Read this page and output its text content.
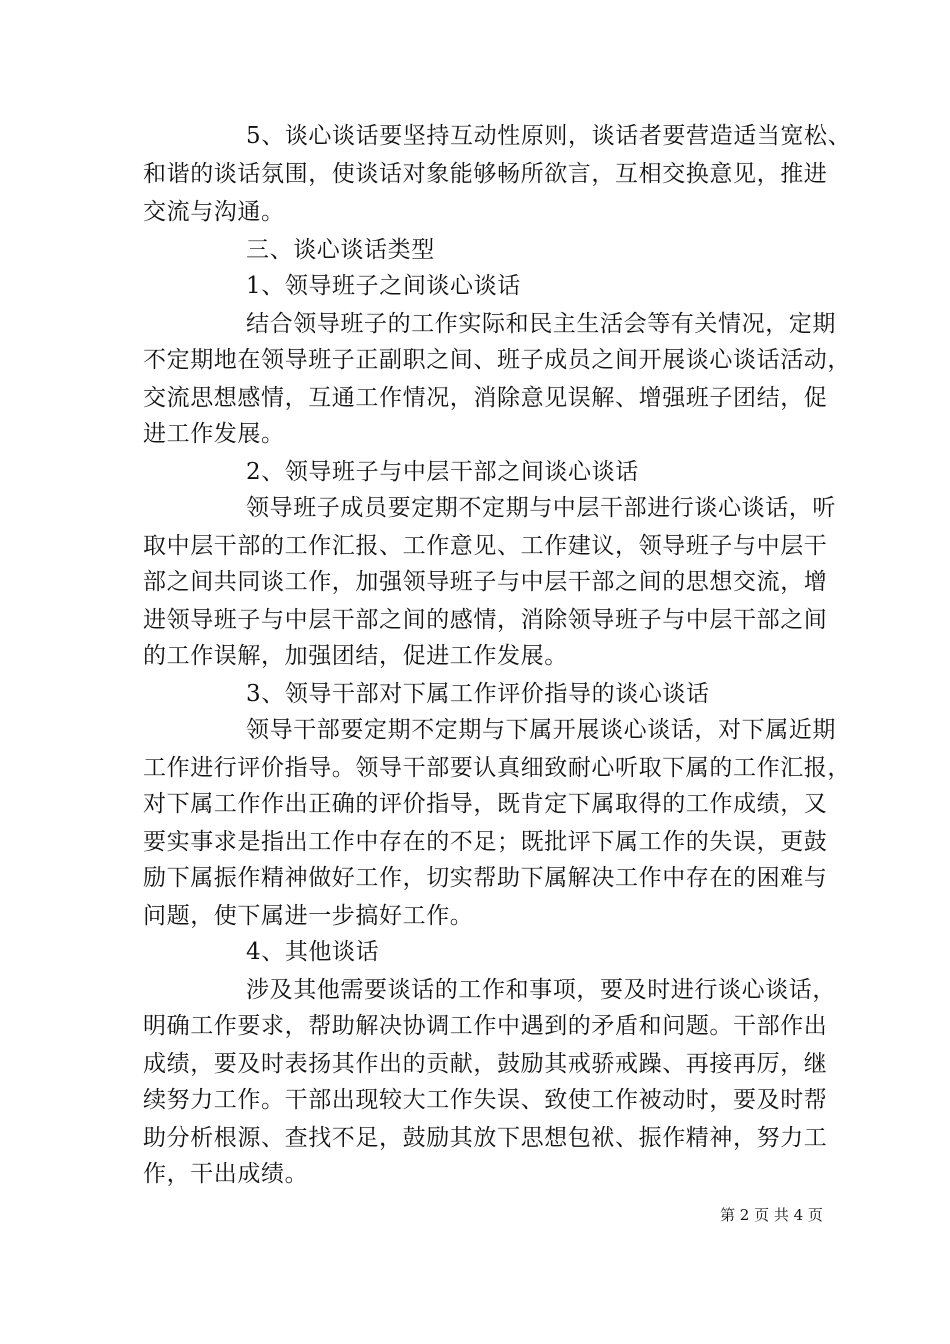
5、谈心谈话要坚持互动性原则，谈话者要营造适当宽松、
和谐的谈话氛围，使谈话对象能够畅所欲言，互相交换意见，推进
交流与沟通。
三、谈心谈话类型
1、领导班子之间谈心谈话
结合领导班子的工作实际和民主生活会等有关情况，定期
不定期地在领导班子正副职之间、班子成员之间开展谈心谈话活动，
交流思想感情，互通工作情况，消除意见误解、增强班子团结，促
进工作发展。
2、领导班子与中层干部之间谈心谈话
领导班子成员要定期不定期与中层干部进行谈心谈话，听
取中层干部的工作汇报、工作意见、工作建议，领导班子与中层干
部之间共同谈工作，加强领导班子与中层干部之间的思想交流，增
进领导班子与中层干部之间的感情，消除领导班子与中层干部之间
的工作误解，加强团结，促进工作发展。
3、领导干部对下属工作评价指导的谈心谈话
领导干部要定期不定期与下属开展谈心谈话，对下属近期
工作进行评价指导。领导干部要认真细致耐心听取下属的工作汇报，
对下属工作作出正确的评价指导，既肯定下属取得的工作成绩，又
要实事求是指出工作中存在的不足；既批评下属工作的失误，更鼓
励下属振作精神做好工作，切实帮助下属解决工作中存在的困难与
问题，使下属进一步搞好工作。
4、其他谈话
涉及其他需要谈话的工作和事项，要及时进行谈心谈话，
明确工作要求，帮助解决协调工作中遇到的矛盾和问题。干部作出
成绩，要及时表扬其作出的贡献，鼓励其戒骄戒躁、再接再厉，继
续努力工作。干部出现较大工作失误、致使工作被动时，要及时帮
助分析根源、查找不足，鼓励其放下思想包袱、振作精神，努力工
作，干出成绩。
第 2 页 共 4 页
